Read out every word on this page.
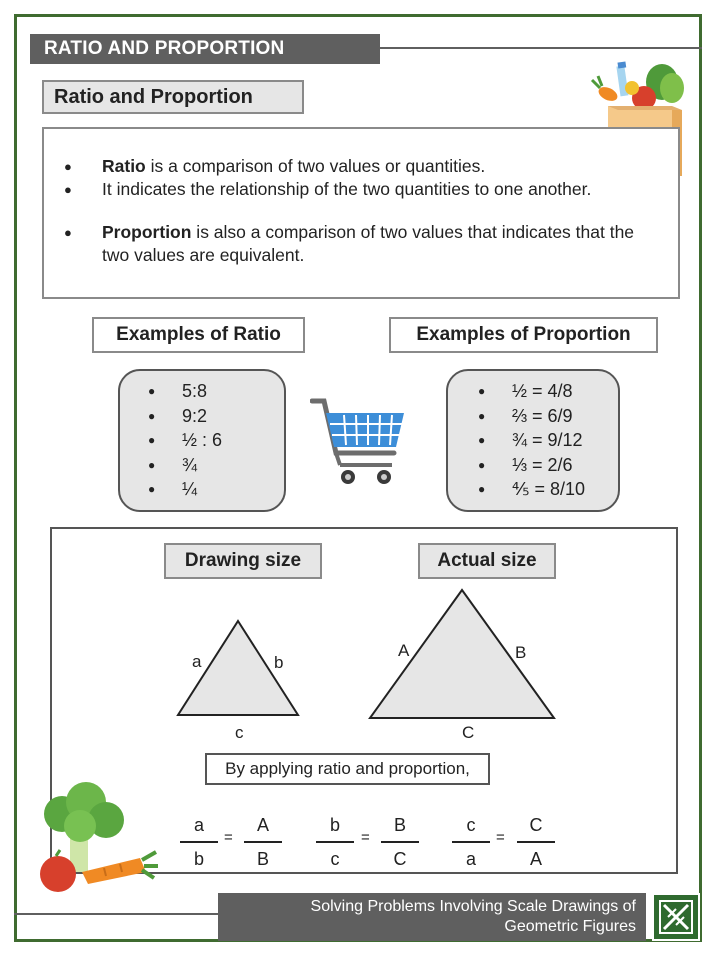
RATIO AND PROPORTION
Ratio and Proportion
● Ratio is a comparison of two values or quantities.
● It indicates the relationship of the two quantities to one another.
● Proportion is also a comparison of two values that indicates that the two values are equivalent.
Examples of Ratio	Examples of Proportion
● 5:8
● 9:2
● ½ : 6
● ¾
● ¼
● ½ = 4/8
● ⅔ = 6/9
● ¾ = 9/12
● ⅓ = 2/6
● ⅘ = 8/10
Drawing size	Actual size
a	b
c
A	B
C
By applying ratio and proportion,
a
b
=
A
B
b
c
=
B
C
c
a
=
C
A
Solving Problems Involving Scale Drawings of
Geometric Figures
